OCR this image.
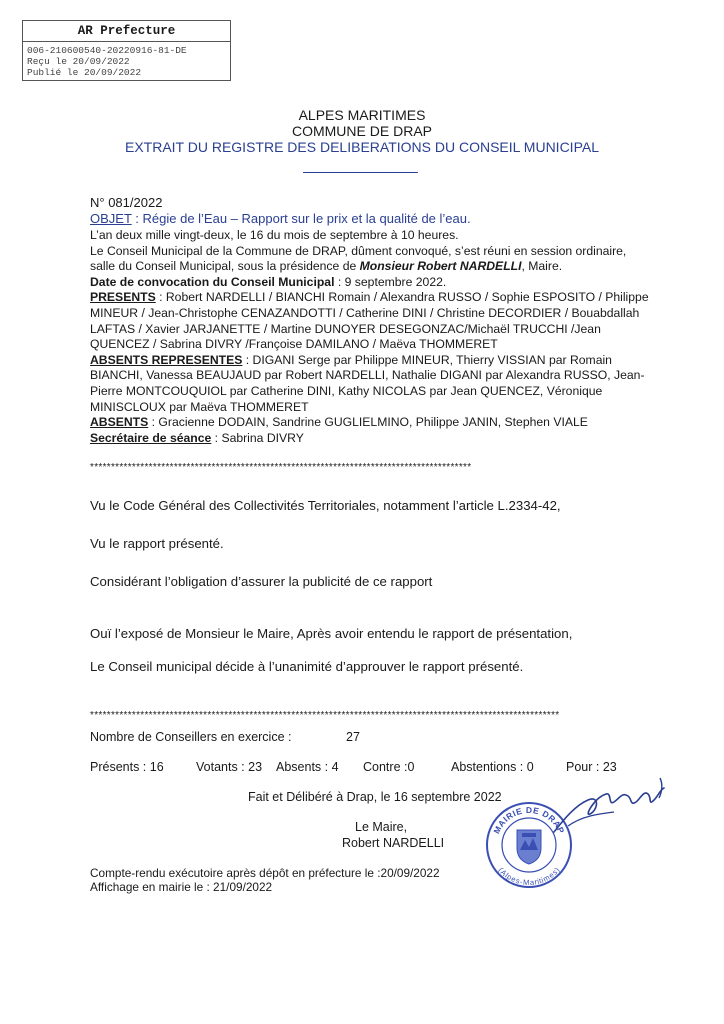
AR Prefecture
006-210600540-20220916-81-DE
Reçu le 20/09/2022
Publié le 20/09/2022
ALPES MARITIMES
COMMUNE DE DRAP
EXTRAIT DU REGISTRE DES DELIBERATIONS DU CONSEIL MUNICIPAL
N° 081/2022
OBJET : Régie de l’Eau – Rapport sur le prix et la qualité de l’eau.
L’an deux mille vingt-deux, le 16 du mois de septembre à 10 heures.
Le Conseil Municipal de la Commune de DRAP, dûment convoqué, s’est réuni en session ordinaire, salle du Conseil Municipal, sous la présidence de Monsieur Robert NARDELLI, Maire.
Date de convocation du Conseil Municipal : 9 septembre 2022.
PRESENTS : Robert NARDELLI / BIANCHI Romain / Alexandra RUSSO / Sophie ESPOSITO / Philippe MINEUR / Jean-Christophe CENAZANDOTTI / Catherine DINI / Christine DECORDIER / Bouabdallah LAFTAS / Xavier JARJANETTE / Martine DUNOYER DESEGONZAC/Michaël TRUCCHI /Jean QUENCEZ / Sabrina DIVRY /Françoise DAMILANO / Maëva THOMMERET
ABSENTS REPRESENTES : DIGANI Serge par Philippe MINEUR, Thierry VISSIAN par Romain BIANCHI, Vanessa BEAUJAUD par Robert NARDELLI, Nathalie DIGANI par Alexandra RUSSO, Jean-Pierre MONTCOUQUIOL par Catherine DINI, Kathy NICOLAS par Jean QUENCEZ, Véronique MINISCLOUX par Maëva THOMMERET
ABSENTS : Gracienne DODAIN, Sandrine GUGLIELMINO, Philippe JANIN, Stephen VIALE
Secrétaire de séance : Sabrina DIVRY
*******************************************************************************************
Vu le Code Général des Collectivités Territoriales, notamment l’article L.2334-42,
Vu le rapport présenté.
Considérant l’obligation d’assurer la publicité de ce rapport
Ouï l’exposé de Monsieur le Maire, Après avoir entendu le rapport de présentation,
Le Conseil municipal décide à l’unanimité d’approuver le rapport présenté.
****************************************************************************************************************
Nombre de Conseillers en exercice :	27
Présents : 16	Votants : 23 Absents : 4 Contre :0	Abstentions : 0	Pour : 23
Fait et Délibéré à Drap, le 16 septembre 2022
Le Maire,
Robert NARDELLI
MAIRIE DE DRAP
(Alpes-Maritimes)
Compte-rendu exécutoire après dépôt en préfecture le :20/09/2022
Affichage en mairie le : 21/09/2022
